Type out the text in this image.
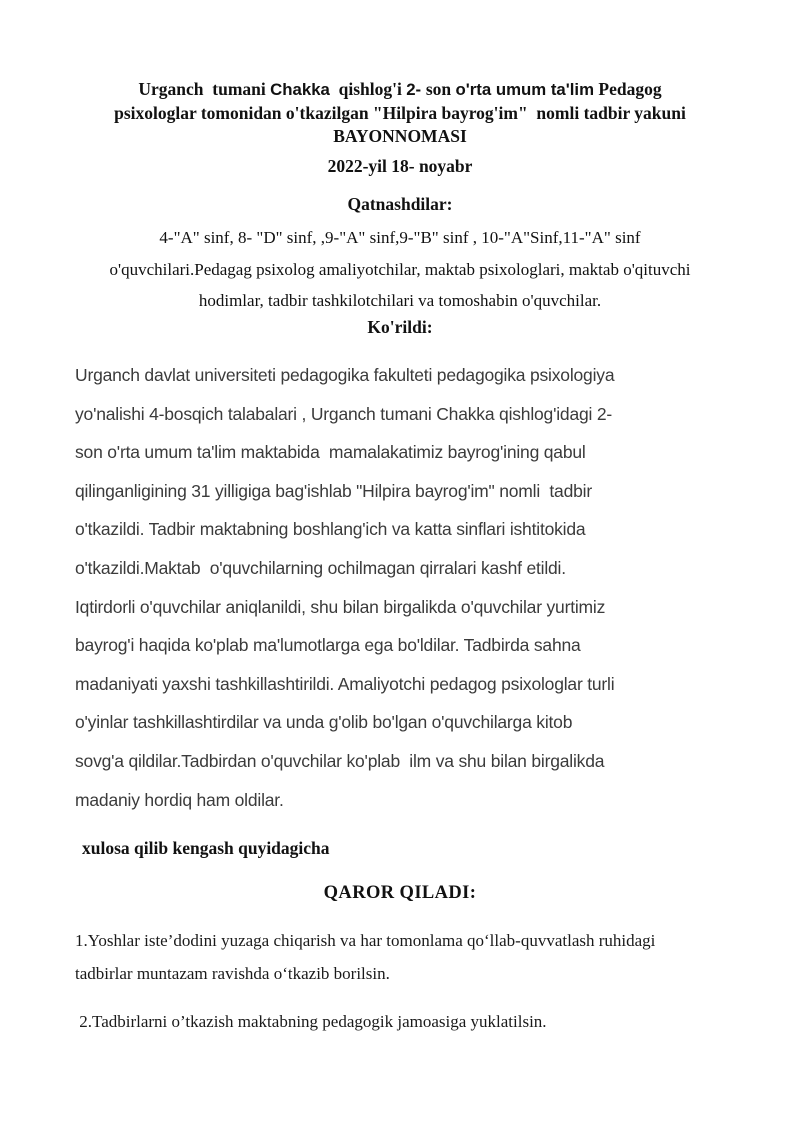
Urganch  tumani Chakka  qishlog'i 2- son o'rta umum ta'lim Pedagog
psixologlar tomonidan o'tkazilgan "Hilpira bayrog'im"  nomli tadbir yakuni
BAYONNOMASI
2022-yil 18- noyabr
Qatnashdilar:
4-"A" sinf, 8- "D" sinf, ,9-"A" sinf,9-"B" sinf , 10-"A"Sinf,11-"A" sinf
o'quvchilari.Pedagag psixolog amaliyotchilar, maktab psixologlari, maktab o'qituvchi
hodimlar, tadbir tashkilotchilari va tomoshabin o'quvchilar.
Ko'rildi:
Urganch davlat universiteti pedagogika fakulteti pedagogika psixologiya
yo'nalishi 4-bosqich talabalari , Urganch tumani Chakka qishlog'idagi 2-
son o'rta umum ta'lim maktabida  mamalakatimiz bayrog'ining qabul
qilinganligining 31 yilligiga bag'ishlab "Hilpira bayrog'im" nomli  tadbir
o'tkazildi. Tadbir maktabning boshlang'ich va katta sinflari ishtitokida
o'tkazildi.Maktab  o'quvchilarning ochilmagan qirralari kashf etildi.
Iqtirdorli o'quvchilar aniqlanildi, shu bilan birgalikda o'quvchilar yurtimiz
bayrog'i haqida ko'plab ma'lumotlarga ega bo'ldilar. Tadbirda sahna
madaniyati yaxshi tashkillashtirildi. Amaliyotchi pedagog psixologlar turli
o'yinlar tashkillashtirdilar va unda g'olib bo'lgan o'quvchilarga kitob
sovg'a qildilar.Tadbirdan o'quvchilar ko'plab  ilm va shu bilan birgalikda
madaniy hordiq ham oldilar.
xulosa qilib kengash quyidagicha
QAROR QILADI:
1.Yoshlar iste’dodini yuzaga chiqarish va har tomonlama qoʻllab-quvvatlash ruhidagi
tadbirlar muntazam ravishda oʻtkazib borilsin.
2.Tadbirlarni o’tkazish maktabning pedagogik jamoasiga yuklatilsin.
